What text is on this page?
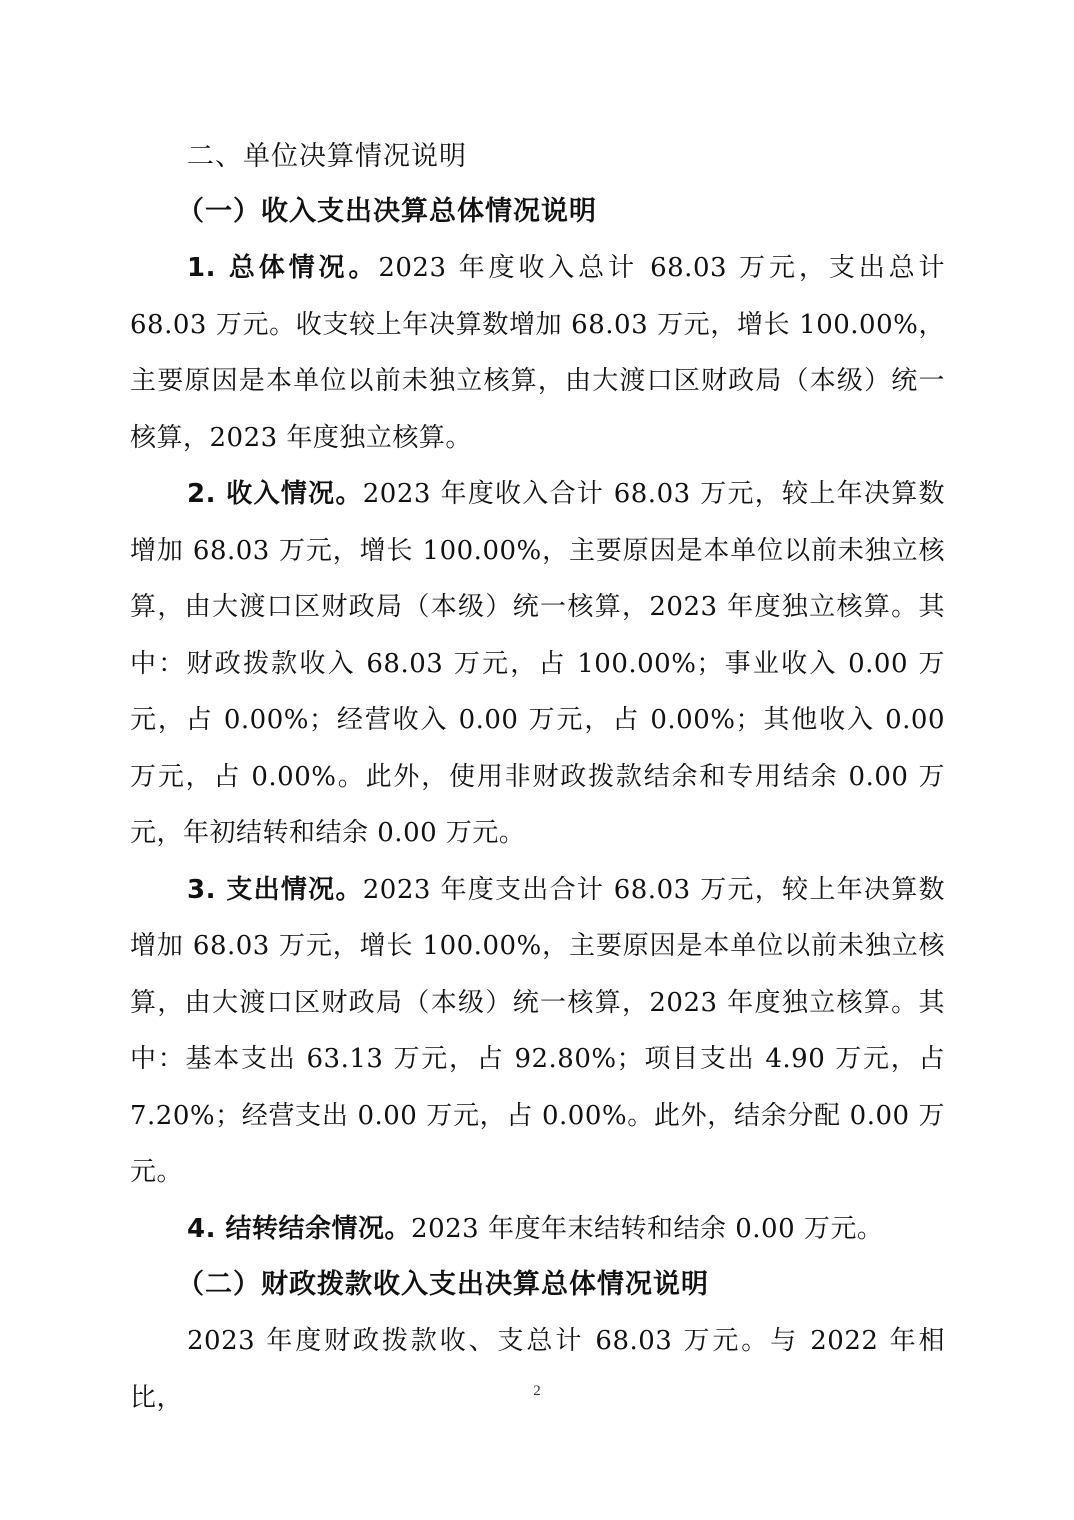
二、单位决算情况说明
（一）收入支出决算总体情况说明

1. 总体情况。2023 年度收入总计 68.03 万元，支出总计 68.03 万元。收支较上年决算数增加 68.03 万元，增长 100.00%，主要原因是本单位以前未独立核算，由大渡口区财政局（本级）统一核算，2023 年度独立核算。

2. 收入情况。2023 年度收入合计 68.03 万元，较上年决算数增加 68.03 万元，增长 100.00%，主要原因是本单位以前未独立核算，由大渡口区财政局（本级）统一核算，2023 年度独立核算。其中：财政拨款收入 68.03 万元，占 100.00%；事业收入 0.00 万元，占 0.00%；经营收入 0.00 万元，占 0.00%；其他收入 0.00 万元，占 0.00%。此外，使用非财政拨款结余和专用结余 0.00 万元，年初结转和结余 0.00 万元。

3. 支出情况。2023 年度支出合计 68.03 万元，较上年决算数增加 68.03 万元，增长 100.00%，主要原因是本单位以前未独立核算，由大渡口区财政局（本级）统一核算，2023 年度独立核算。其中：基本支出 63.13 万元，占 92.80%；项目支出 4.90 万元，占 7.20%；经营支出 0.00 万元，占 0.00%。此外，结余分配 0.00 万元。

4. 结转结余情况。2023 年度年末结转和结余 0.00 万元。

（二）财政拨款收入支出决算总体情况说明

2023 年度财政拨款收、支总计 68.03 万元。与 2022 年相比，	2
